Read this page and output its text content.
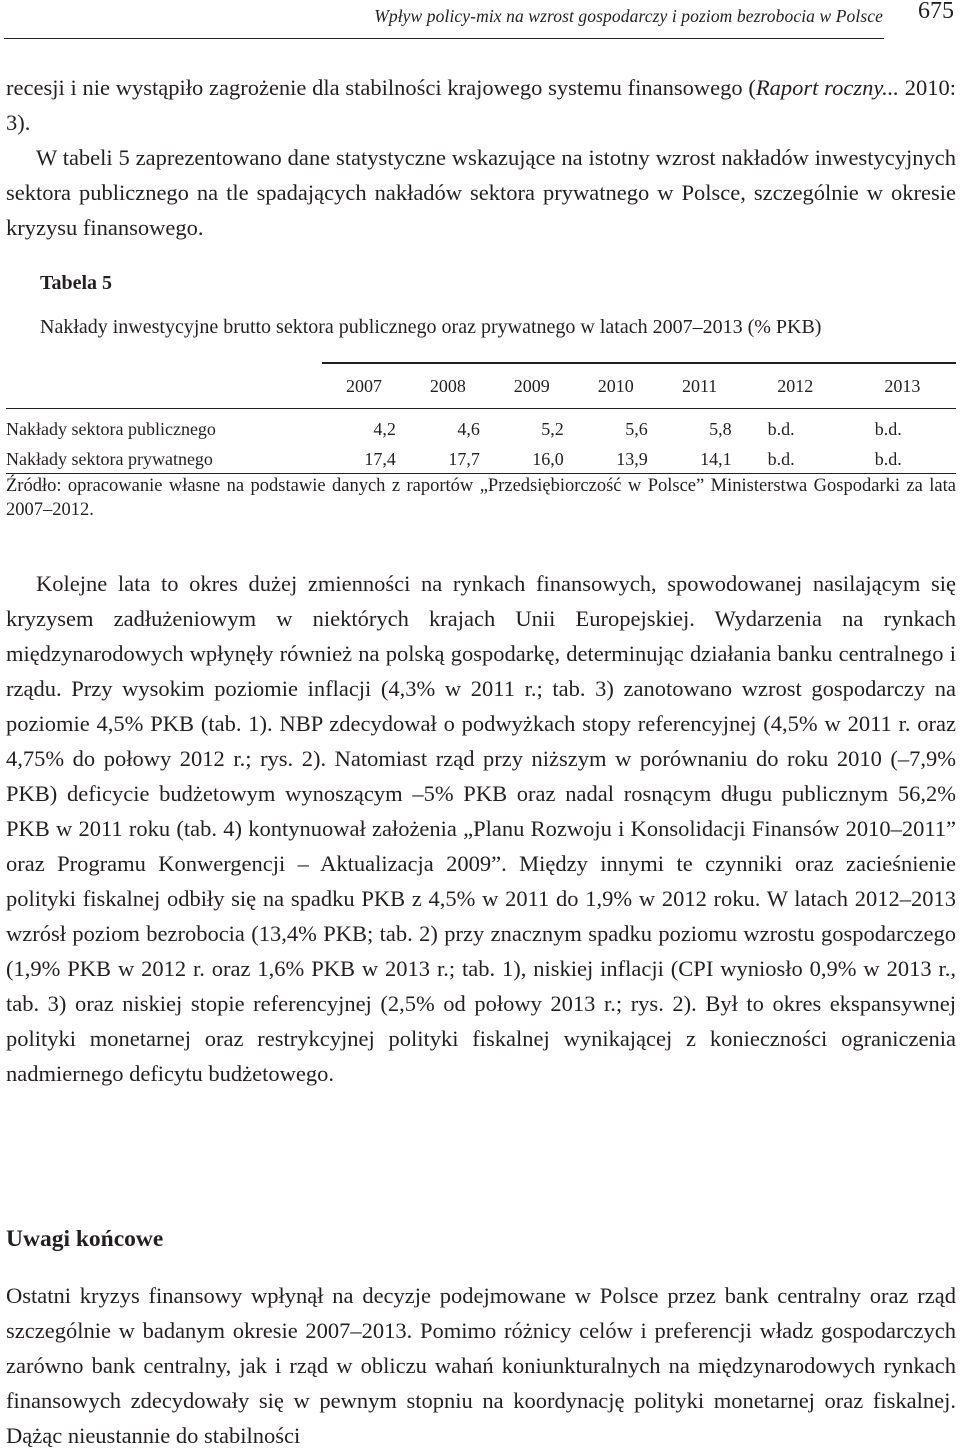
Wpływ policy-mix na wzrost gospodarczy i poziom bezrobocia w Polsce 675
recesji i nie wystąpiło zagrożenie dla stabilności krajowego systemu finansowego (Raport roczny... 2010: 3).
W tabeli 5 zaprezentowano dane statystyczne wskazujące na istotny wzrost nakładów inwestycyjnych sektora publicznego na tle spadających nakładów sektora prywatnego w Polsce, szczególnie w okresie kryzysu finansowego.
Tabela 5
Nakłady inwestycyjne brutto sektora publicznego oraz prywatnego w latach 2007–2013 (% PKB)
	2007	2008	2009	2010	2011	2012	2013
Nakłady sektora publicznego	4,2	4,6	5,2	5,6	5,8	b.d.	b.d.
Nakłady sektora prywatnego	17,4	17,7	16,0	13,9	14,1	b.d.	b.d.
Źródło: opracowanie własne na podstawie danych z raportów „Przedsiębiorczość w Polsce” Ministerstwa Gospodarki za lata 2007–2012.
Kolejne lata to okres dużej zmienności na rynkach finansowych, spowodowanej nasilającym się kryzysem zadłużeniowym w niektórych krajach Unii Europejskiej. Wydarzenia na rynkach międzynarodowych wpłynęły również na polską gospodarkę, determinując działania banku centralnego i rządu. Przy wysokim poziomie inflacji (4,3% w 2011 r.; tab. 3) zanotowano wzrost gospodarczy na poziomie 4,5% PKB (tab. 1). NBP zdecydował o podwyżkach stopy referencyjnej (4,5% w 2011 r. oraz 4,75% do połowy 2012 r.; rys. 2). Natomiast rząd przy niższym w porównaniu do roku 2010 (–7,9% PKB) deficycie budżetowym wynoszącym –5% PKB oraz nadal rosnącym długu publicznym 56,2% PKB w 2011 roku (tab. 4) kontynuował założenia „Planu Rozwoju i Konsolidacji Finansów 2010–2011” oraz Programu Konwergencji – Aktualizacja 2009”. Między innymi te czynniki oraz zacieśnienie polityki fiskalnej odbiły się na spadku PKB z 4,5% w 2011 do 1,9% w 2012 roku. W latach 2012–2013 wzrósł poziom bezrobocia (13,4% PKB; tab. 2) przy znacznym spadku poziomu wzrostu gospodarczego (1,9% PKB w 2012 r. oraz 1,6% PKB w 2013 r.; tab. 1), niskiej inflacji (CPI wyniosło 0,9% w 2013 r., tab. 3) oraz niskiej stopie referencyjnej (2,5% od połowy 2013 r.; rys. 2). Był to okres ekspansywnej polityki monetarnej oraz restrykcyjnej polityki fiskalnej wynikającej z konieczności ograniczenia nadmiernego deficytu budżetowego.
Uwagi końcowe
Ostatni kryzys finansowy wpłynął na decyzje podejmowane w Polsce przez bank centralny oraz rząd szczególnie w badanym okresie 2007–2013. Pomimo różnicy celów i preferencji władz gospodarczych zarówno bank centralny, jak i rząd w obliczu wahań koniunkturalnych na międzynarodowych rynkach finansowych zdecydowały się w pewnym stopniu na koordynację polityki monetarnej oraz fiskalnej. Dążąc nieustannie do stabilności
